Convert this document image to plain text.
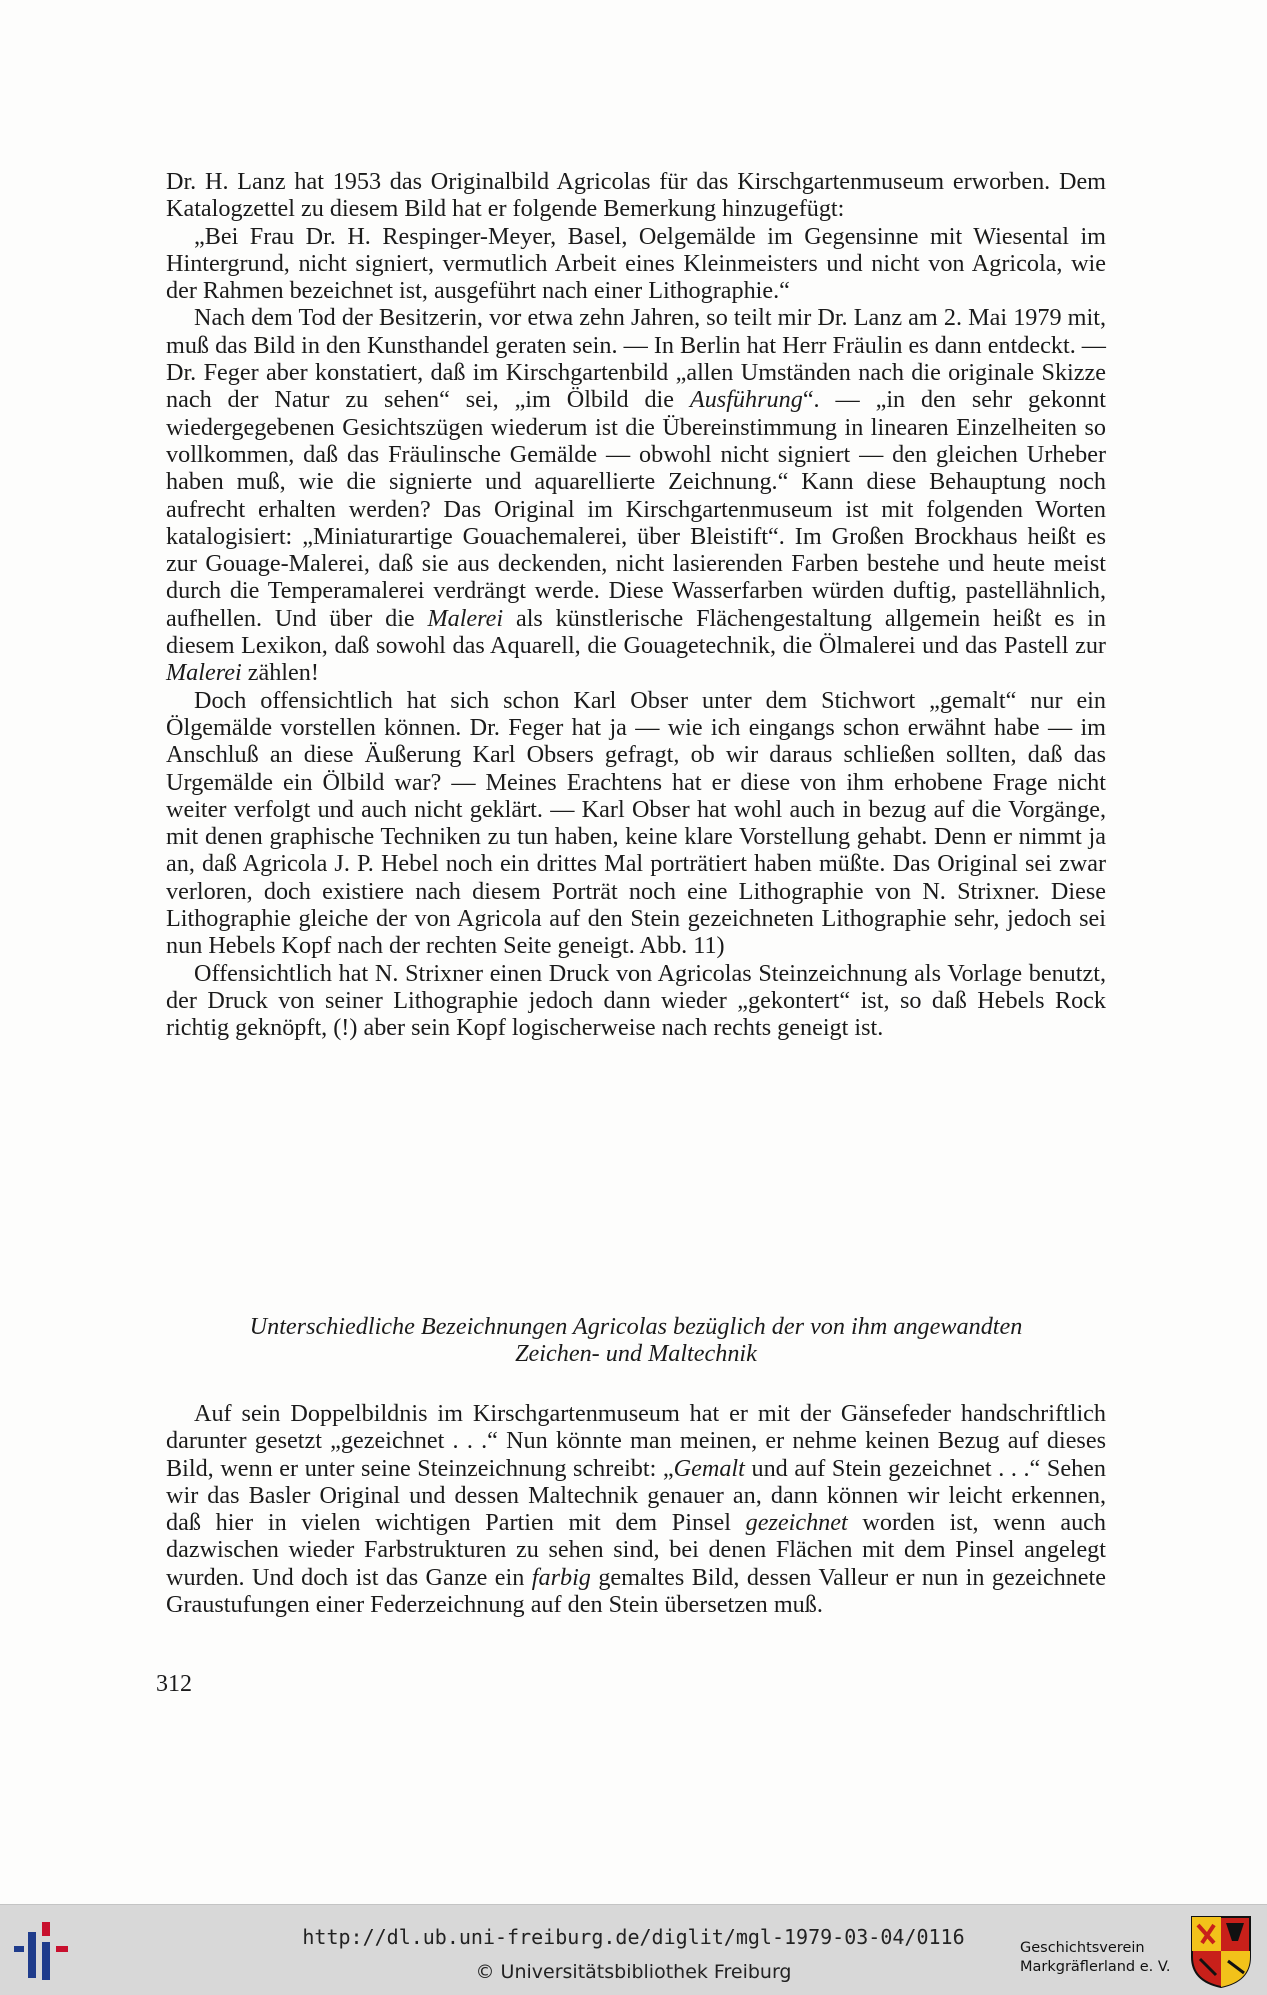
Dr. H. Lanz hat 1953 das Originalbild Agricolas für das Kirschgartenmuseum erworben. Dem Katalogzettel zu diesem Bild hat er folgende Bemerkung hinzugefügt:

„Bei Frau Dr. H. Respinger-Meyer, Basel, Oelgemälde im Gegensinne mit Wiesental im Hintergrund, nicht signiert, vermutlich Arbeit eines Kleinmeisters und nicht von Agricola, wie der Rahmen bezeichnet ist, ausgeführt nach einer Lithographie.“

Nach dem Tod der Besitzerin, vor etwa zehn Jahren, so teilt mir Dr. Lanz am 2. Mai 1979 mit, muß das Bild in den Kunsthandel geraten sein. — In Berlin hat Herr Fräulin es dann entdeckt. — Dr. Feger aber konstatiert, daß im Kirschgartenbild „allen Umständen nach die originale Skizze nach der Natur zu sehen“ sei, „im Ölbild die Ausführung“. — „in den sehr gekonnt wiedergegebenen Gesichtszügen wiederum ist die Übereinstimmung in linearen Einzelheiten so vollkommen, daß das Fräulinsche Gemälde — obwohl nicht signiert — den gleichen Urheber haben muß, wie die signierte und aquarellierte Zeichnung.“ Kann diese Behauptung noch aufrecht erhalten werden? Das Original im Kirschgartenmuseum ist mit folgenden Worten katalogisiert: „Miniaturartige Gouachemalerei, über Bleistift“. Im Großen Brockhaus heißt es zur Gouage-Malerei, daß sie aus deckenden, nicht lasierenden Farben bestehe und heute meist durch die Temperamalerei verdrängt werde. Diese Wasserfarben würden duftig, pastellähnlich, aufhellen. Und über die Malerei als künstlerische Flächengestaltung allgemein heißt es in diesem Lexikon, daß sowohl das Aquarell, die Gouagetechnik, die Ölmalerei und das Pastell zur Malerei zählen!

Doch offensichtlich hat sich schon Karl Obser unter dem Stichwort „gemalt“ nur ein Ölgemälde vorstellen können. Dr. Feger hat ja — wie ich eingangs schon erwähnt habe — im Anschluß an diese Äußerung Karl Obsers gefragt, ob wir daraus schließen sollten, daß das Urgemälde ein Ölbild war? — Meines Erachtens hat er diese von ihm erhobene Frage nicht weiter verfolgt und auch nicht geklärt. — Karl Obser hat wohl auch in bezug auf die Vorgänge, mit denen graphische Techniken zu tun haben, keine klare Vorstellung gehabt. Denn er nimmt ja an, daß Agricola J. P. Hebel noch ein drittes Mal porträtiert haben müßte. Das Original sei zwar verloren, doch existiere nach diesem Porträt noch eine Lithographie von N. Strixner. Diese Lithographie gleiche der von Agricola auf den Stein gezeichneten Lithographie sehr, jedoch sei nun Hebels Kopf nach der rechten Seite geneigt. Abb. 11)

Offensichtlich hat N. Strixner einen Druck von Agricolas Steinzeichnung als Vorlage benutzt, der Druck von seiner Lithographie jedoch dann wieder „gekontert“ ist, so daß Hebels Rock richtig geknöpft, (!) aber sein Kopf logischerweise nach rechts geneigt ist.

Unterschiedliche Bezeichnungen Agricolas bezüglich der von ihm angewandten
Zeichen- und Maltechnik

Auf sein Doppelbildnis im Kirschgartenmuseum hat er mit der Gänsefeder handschriftlich darunter gesetzt „gezeichnet . . .“ Nun könnte man meinen, er nehme keinen Bezug auf dieses Bild, wenn er unter seine Steinzeichnung schreibt: „Gemalt und auf Stein gezeichnet . . .“ Sehen wir das Basler Original und dessen Maltechnik genauer an, dann können wir leicht erkennen, daß hier in vielen wichtigen Partien mit dem Pinsel gezeichnet worden ist, wenn auch dazwischen wieder Farbstrukturen zu sehen sind, bei denen Flächen mit dem Pinsel angelegt wurden. Und doch ist das Ganze ein farbig gemaltes Bild, dessen Valleur er nun in gezeichnete Graustufungen einer Federzeichnung auf den Stein übersetzen muß.

312
http://dl.ub.uni-freiburg.de/diglit/mgl-1979-03-04/0116
© Universitätsbibliothek Freiburg
Geschichtsverein
Markgräflerland e. V.
